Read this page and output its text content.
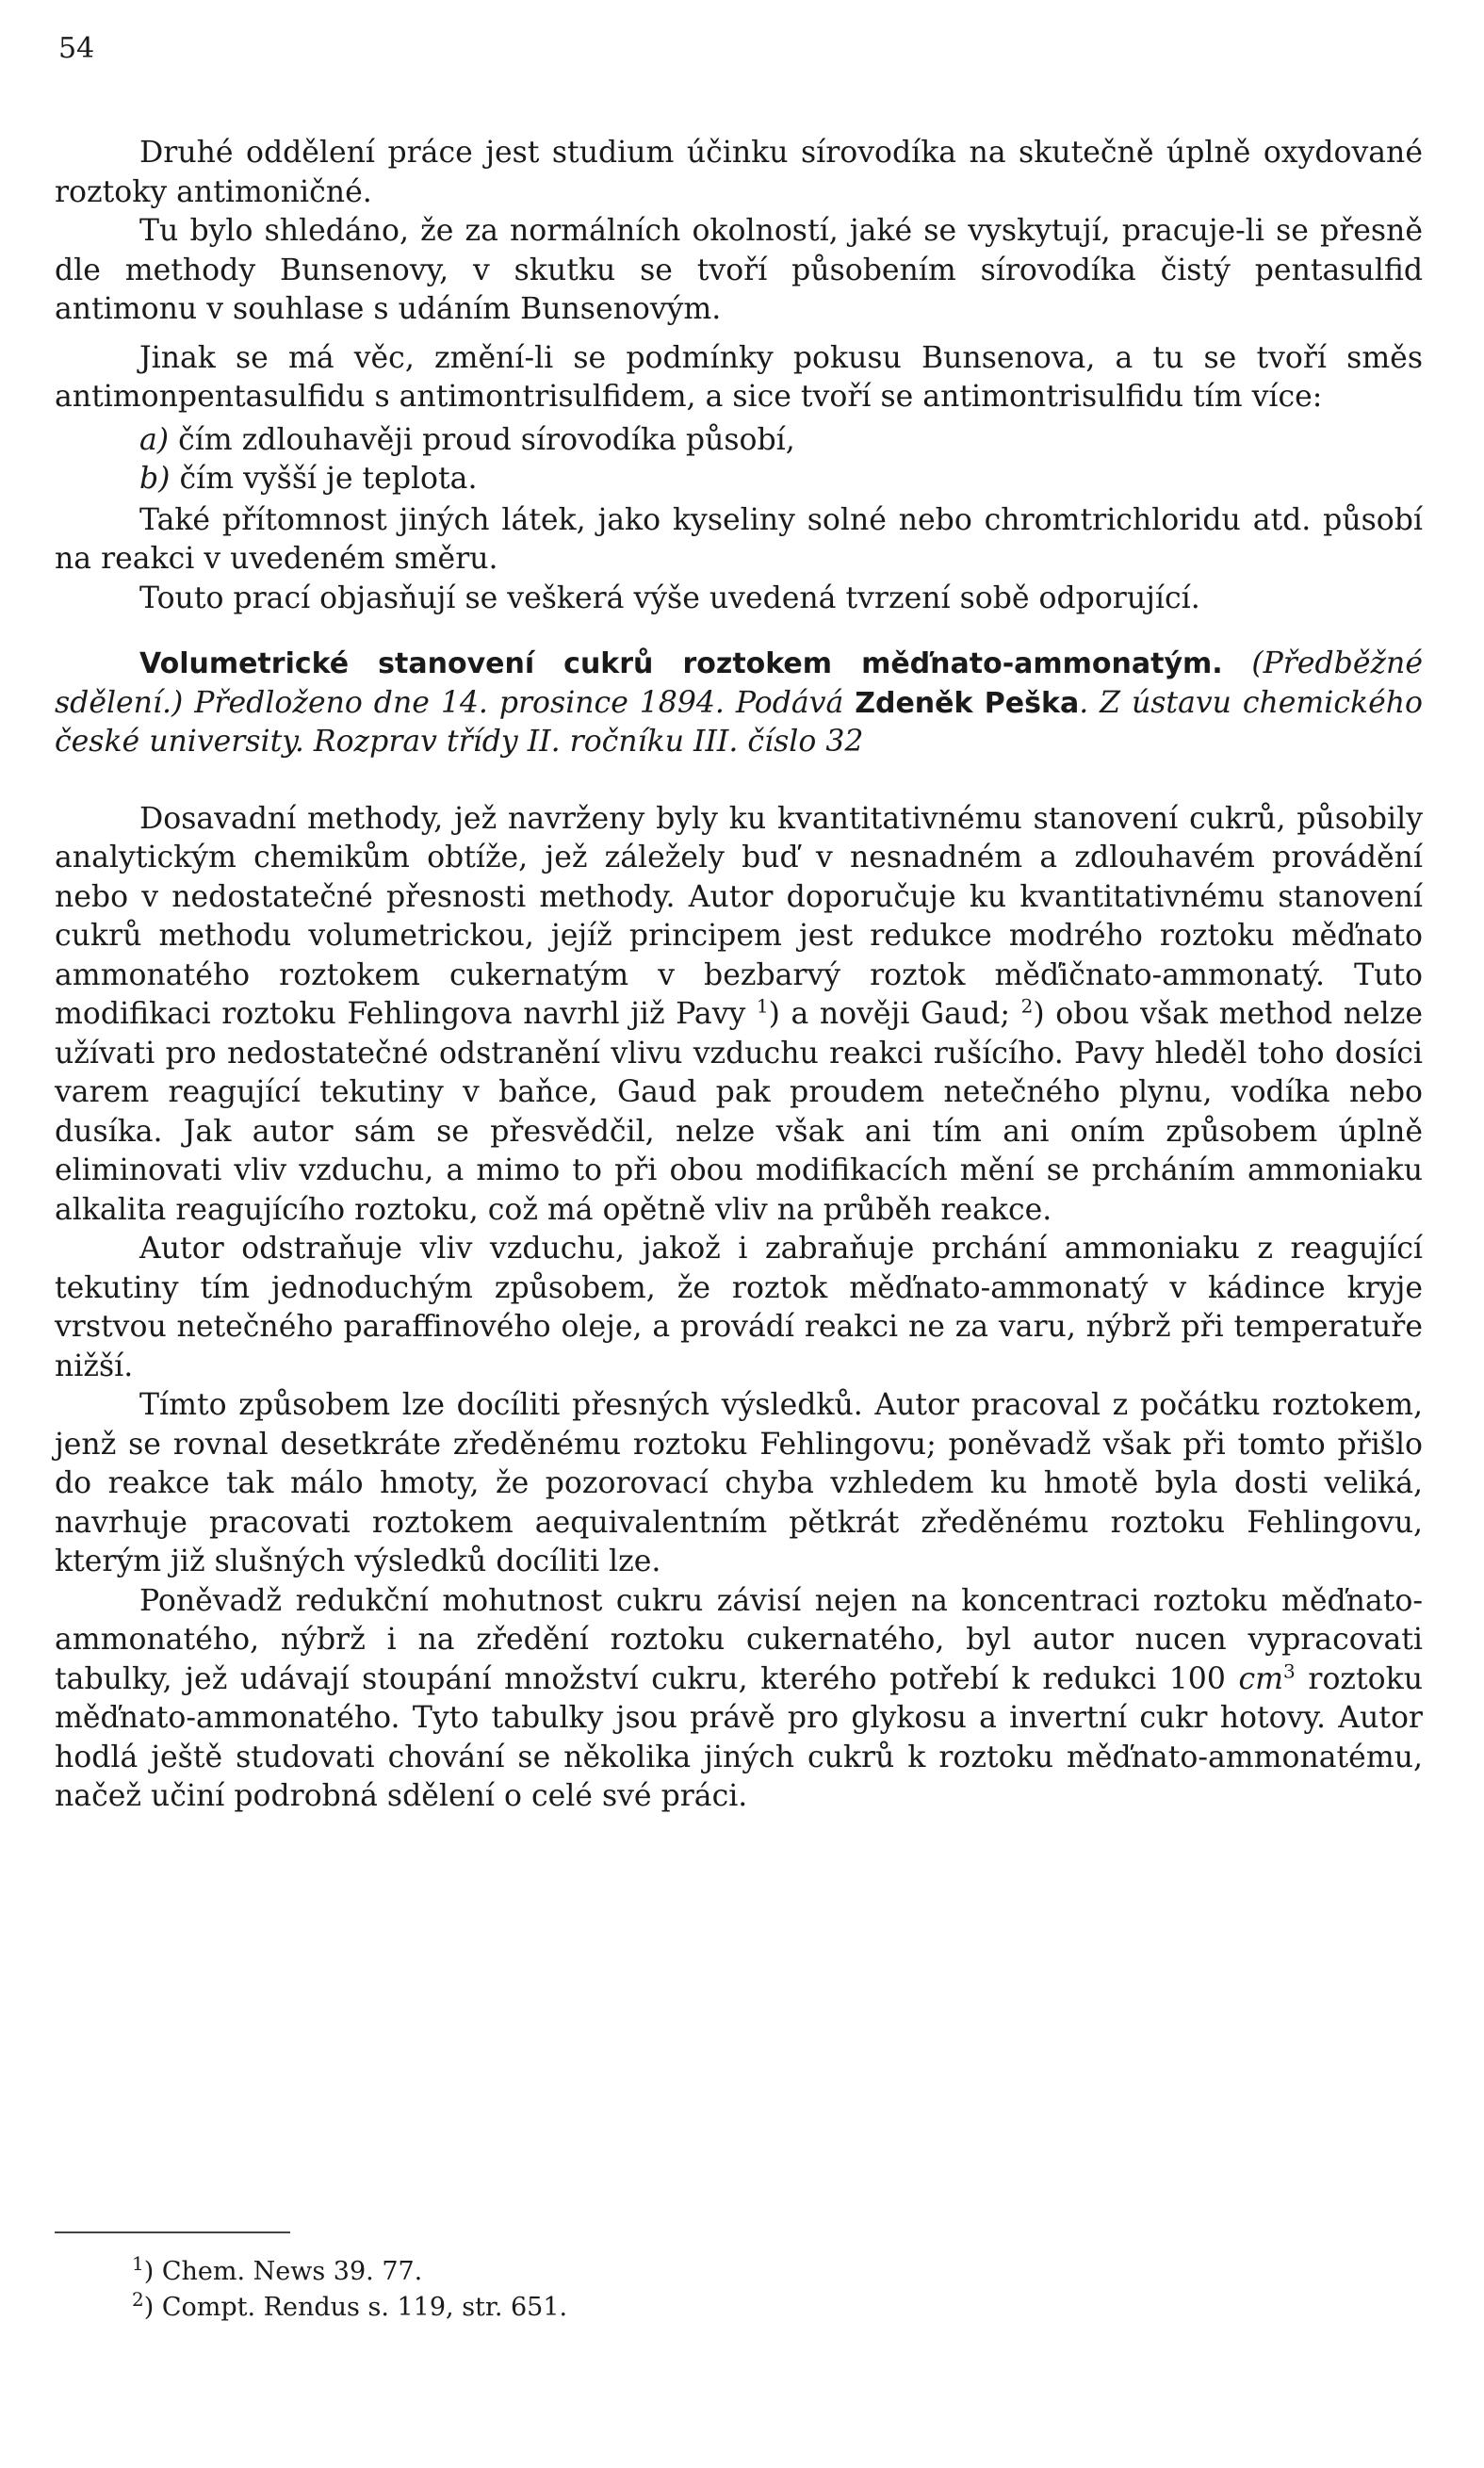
54

Druhé oddělení práce jest studium účinku sírovodíka na skutečně úplně oxydované roztoky antimoničné.

Tu bylo shledáno, že za normálních okolností, jaké se vyskytují, pracuje-li se přesně dle methody Bunsenovy, v skutku se tvoří působením sírovodíka čistý pentasulfid antimonu v souhlase s udáním Bunsenovým.

Jinak se má věc, změní-li se podmínky pokusu Bunsenova, a tu se tvoří směs antimonpentasulfidu s antimontrisulfidem, a sice tvoří se antimontrisulfidu tím více:

a) čím zdlouhavěji proud sírovodíka působí,
b) čím vyšší je teplota.

Také přítomnost jiných látek, jako kyseliny solné nebo chromtrichloridu atd. působí na reakci v uvedeném směru.

Touto prací objasňují se veškerá výše uvedená tvrzení sobě odporující.

Volumetrické stanovení cukrů roztokem měďnato-ammonatým. (Předběžné sdělení.) Předloženo dne 14. prosince 1894. Podává Zdeněk Peška. Z ústavu chemického české university. Rozprav třídy II. ročníku III. číslo 32

Dosavadní methody, jež navrženy byly ku kvantitativnému stanovení cukrů, působily analytickým chemikům obtíže, jež záležely buď v nesnadném a zdlouhavém provádění nebo v nedostatečné přesnosti methody. Autor doporučuje ku kvantitativnému stanovení cukrů methodu volumetrickou, jejíž principem jest redukce modrého roztoku měďnato ammonatého roztokem cukernatým v bezbarvý roztok měďičnato-ammonatý. Tuto modifikaci roztoku Fehlingova navrhl již Pavy $^1$) a nověji Gaud; $^2$) obou však method nelze užívati pro nedostatečné odstranění vlivu vzduchu reakci rušícího. Pavy hleděl toho dosíci varem reagující tekutiny v baňce, Gaud pak proudem netečného plynu, vodíka nebo dusíka. Jak autor sám se přesvědčil, nelze však ani tím ani oním způsobem úplně eliminovati vliv vzduchu, a mimo to při obou modifikacích mění se prcháním ammoniaku alkalita reagujícího roztoku, což má opětně vliv na průběh reakce.

Autor odstraňuje vliv vzduchu, jakož i zabraňuje prchání ammoniaku z reagující tekutiny tím jednoduchým způsobem, že roztok měďnato-ammonatý v kádince kryje vrstvou netečného paraffinového oleje, a provádí reakci ne za varu, nýbrž při temperatuře nižší.

Tímto způsobem lze docíliti přesných výsledků. Autor pracoval z počátku roztokem, jenž se rovnal desetkráte zředěnému roztoku Fehlingovu; poněvadž však při tomto přišlo do reakce tak málo hmoty, že pozorovací chyba vzhledem ku hmotě byla dosti veliká, navrhuje pracovati roztokem aequivalentním pětkrát zředěnému roztoku Fehlingovu, kterým již slušných výsledků docíliti lze.

Poněvadž redukční mohutnost cukru závisí nejen na koncentraci roztoku měďnato-ammonatého, nýbrž i na zředění roztoku cukernatého, byl autor nucen vypracovati tabulky, jež udávají stoupání množství cukru, kterého potřebí k redukci 100 $cm^3$ roztoku měďnato-ammonatého. Tyto tabulky jsou právě pro glykosu a invertní cukr hotovy. Autor hodlá ještě studovati chování se několika jiných cukrů k roztoku měďnato-ammonatému, načež učiní podrobná sdělení o celé své práci.

$^1$) Chem. News 39. 77.
$^2$) Compt. Rendus s. 119, str. 651.
